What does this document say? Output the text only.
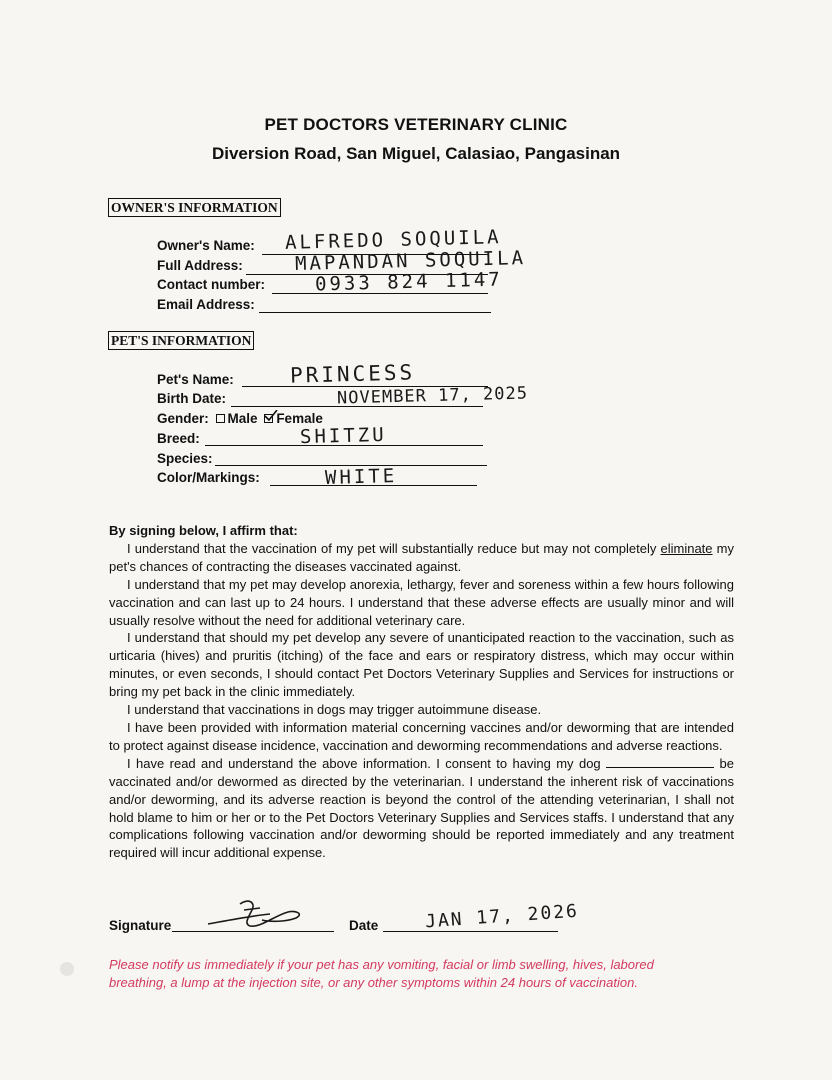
PET DOCTORS VETERINARY CLINIC
Diversion Road, San Miguel, Calasiao, Pangasinan
OWNER'S INFORMATION
Owner's Name: ALFREDO SOQUILA
Full Address:	MAPANDAN SOQUILA
Contact number:	0933 824 1147
Email Address:
PET'S INFORMATION
Pet's Name:	PRINCESS
Birth Date:	NOVEMBER 17, 2025
Gender: Male Female
Breed:	SHITZU
Species:
Color/Markings:	WHITE

By signing below, I affirm that:

I understand that the vaccination of my pet will substantially reduce but may not completely eliminate my pet's chances of contracting the diseases vaccinated against.

I understand that my pet may develop anorexia, lethargy, fever and soreness within a few hours following vaccination and can last up to 24 hours. I understand that these adverse effects are usually minor and will usually resolve without the need for additional veterinary care.

I understand that should my pet develop any severe of unanticipated reaction to the vaccination, such as urticaria (hives) and pruritis (itching) of the face and ears or respiratory distress, which may occur within minutes, or even seconds, I should contact Pet Doctors Veterinary Supplies and Services for instructions or bring my pet back in the clinic immediately.

I understand that vaccinations in dogs may trigger autoimmune disease.

I have been provided with information material concerning vaccines and/or deworming that are intended to protect against disease incidence, vaccination and deworming recommendations and adverse reactions.

I have read and understand the above information. I consent to having my dog	be vaccinated and/or dewormed as directed by the veterinarian. I understand the inherent risk of vaccinations and/or deworming, and its adverse reaction is beyond the control of the attending veterinarian, I shall not hold blame to him or her or to the Pet Doctors Veterinary Supplies and Services staffs. I understand that any complications following vaccination and/or deworming should be reported immediately and any treatment required will incur additional expense.

Signature	Date	JAN 17, 2026
Please notify us immediately if your pet has any vomiting, facial or limb swelling, hives, labored breathing, a lump at the injection site, or any other symptoms within 24 hours of vaccination.
